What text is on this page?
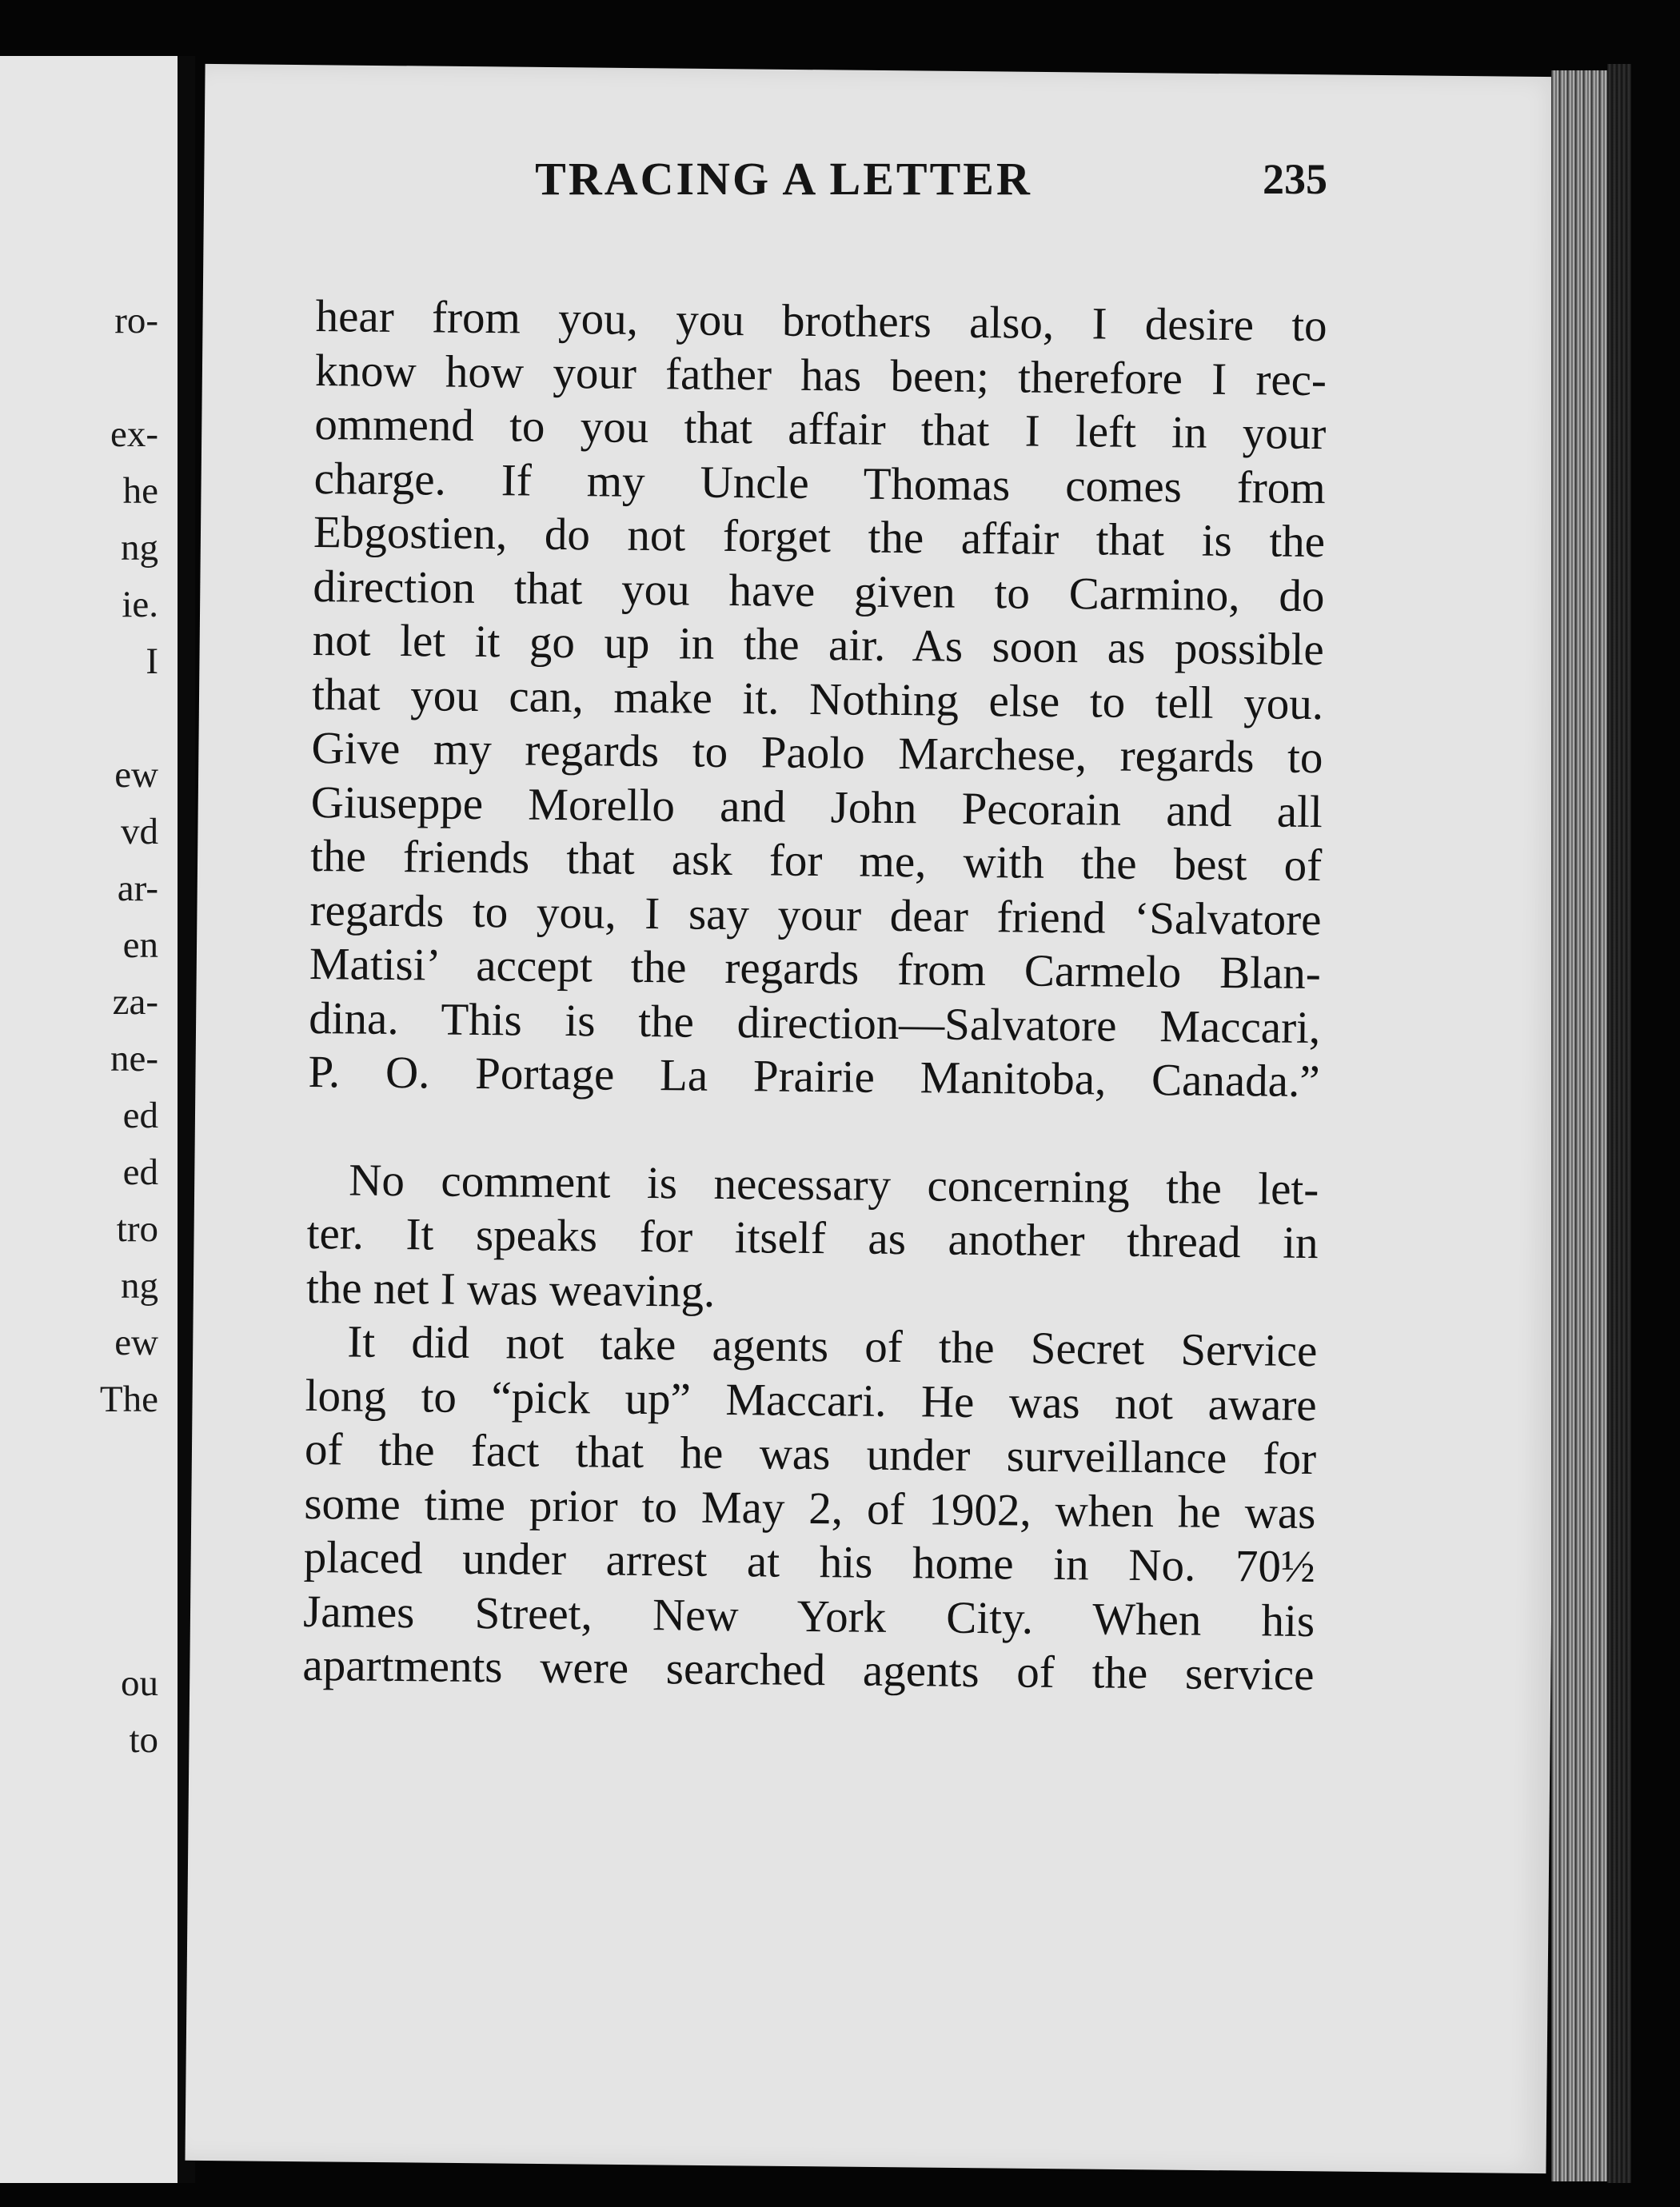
ro-
ex-
he
ng
ie.
I
ew
vd
ar-
en
za-
ne-
ed
ed
tro
ng
ew
The
ou
to
TRACING A LETTER	235
hear from you, you brothers also, I desire to
know how your father has been; therefore I rec-
ommend to you that affair that I left in your
charge. If my Uncle Thomas comes from
Ebgostien, do not forget the affair that is the
direction that you have given to Carmino, do
not let it go up in the air. As soon as possible
that you can, make it. Nothing else to tell you.
Give my regards to Paolo Marchese, regards to
Giuseppe Morello and John Pecorain and all
the friends that ask for me, with the best of
regards to you, I say your dear friend ‘Salvatore
Matisi’ accept the regards from Carmelo Blan-
dina. This is the direction—Salvatore Maccari,
P. O. Portage La Prairie Manitoba, Canada.”
No comment is necessary concerning the let-
ter. It speaks for itself as another thread in
the net I was weaving.
It did not take agents of the Secret Service
long to “pick up” Maccari. He was not aware
of the fact that he was under surveillance for
some time prior to May 2, of 1902, when he was
placed under arrest at his home in No. 70½
James Street, New York City. When his
apartments were searched agents of the service
